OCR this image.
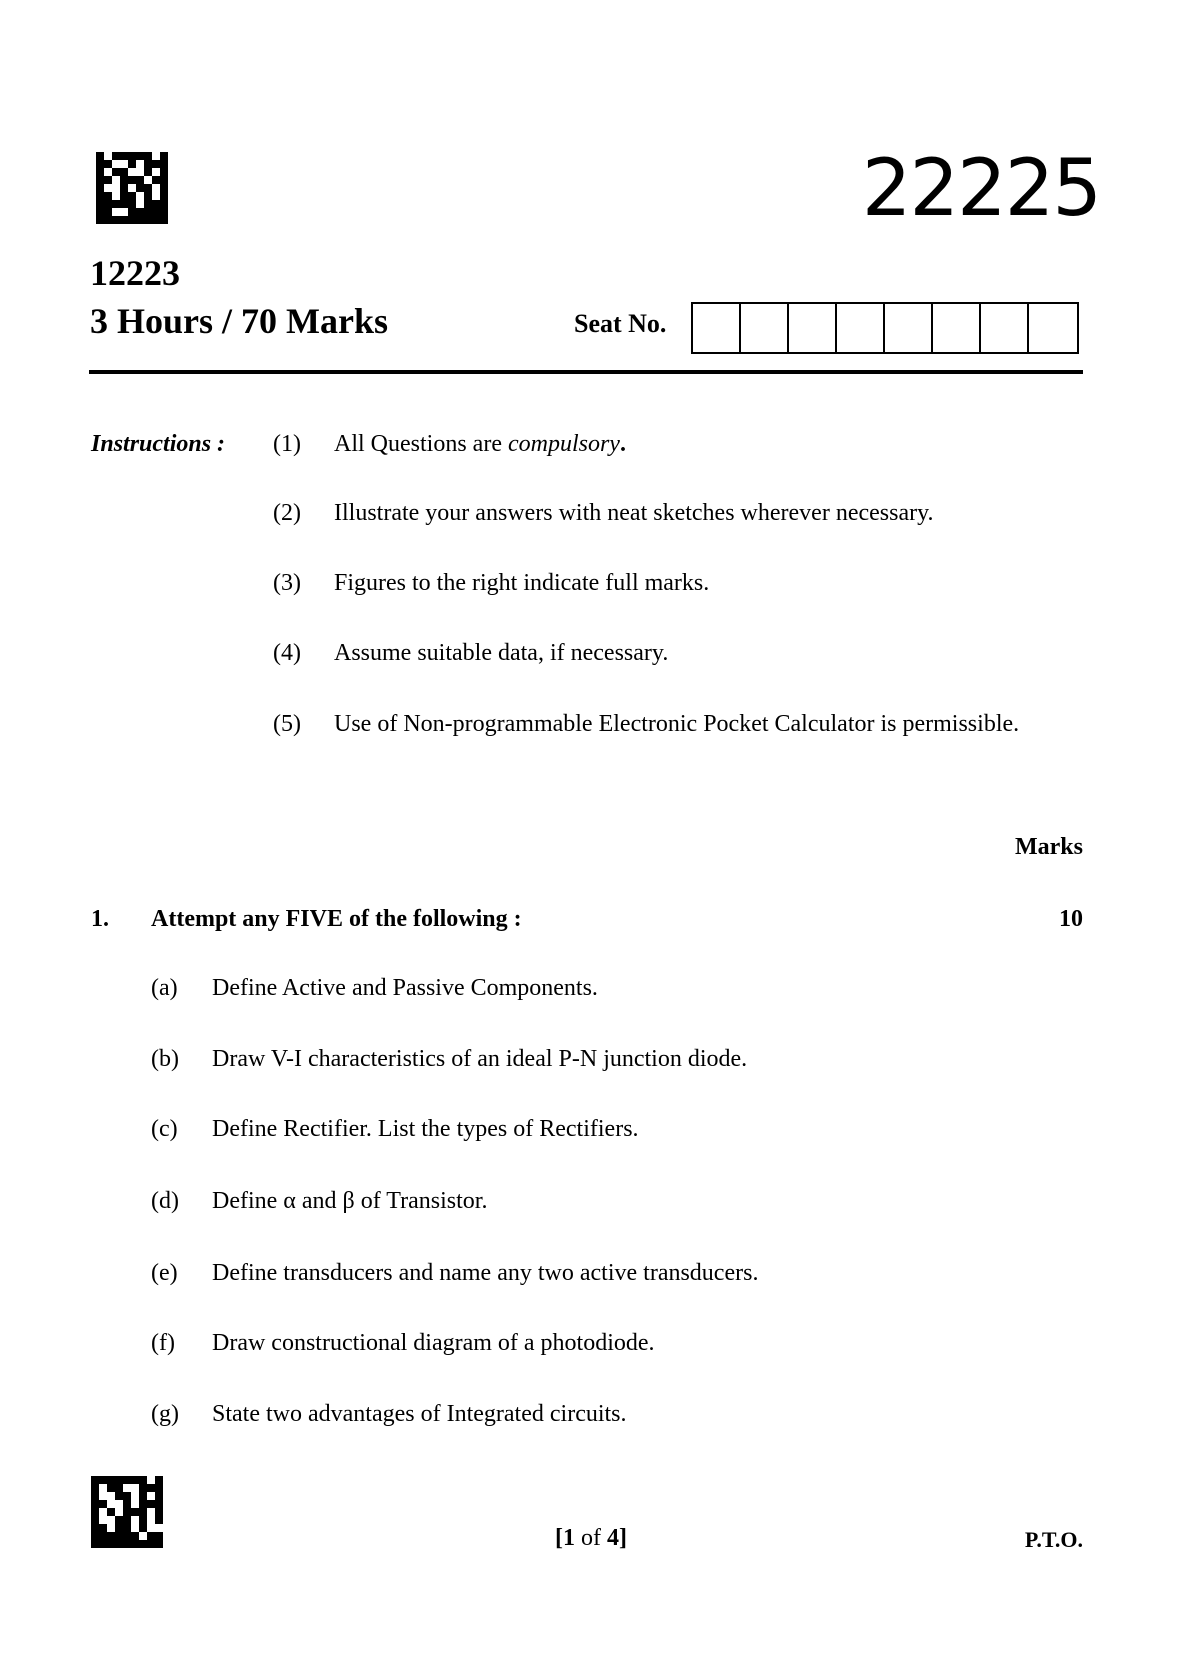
22225
12223
3 Hours / 70 Marks	Seat No.
Instructions : (1) All Questions are compulsory.
(2) Illustrate your answers with neat sketches wherever necessary.
(3) Figures to the right indicate full marks.
(4) Assume suitable data, if necessary.
(5) Use of Non-programmable Electronic Pocket Calculator is permissible.
Marks
1. Attempt any FIVE of the following :	10
(a) Define Active and Passive Components.
(b) Draw V-I characteristics of an ideal P-N junction diode.
(c) Define Rectifier. List the types of Rectifiers.
(d) Define α and β of Transistor.
(e) Define transducers and name any two active transducers.
(f) Draw constructional diagram of a photodiode.
(g) State two advantages of Integrated circuits.
[1 of 4]	P.T.O.
